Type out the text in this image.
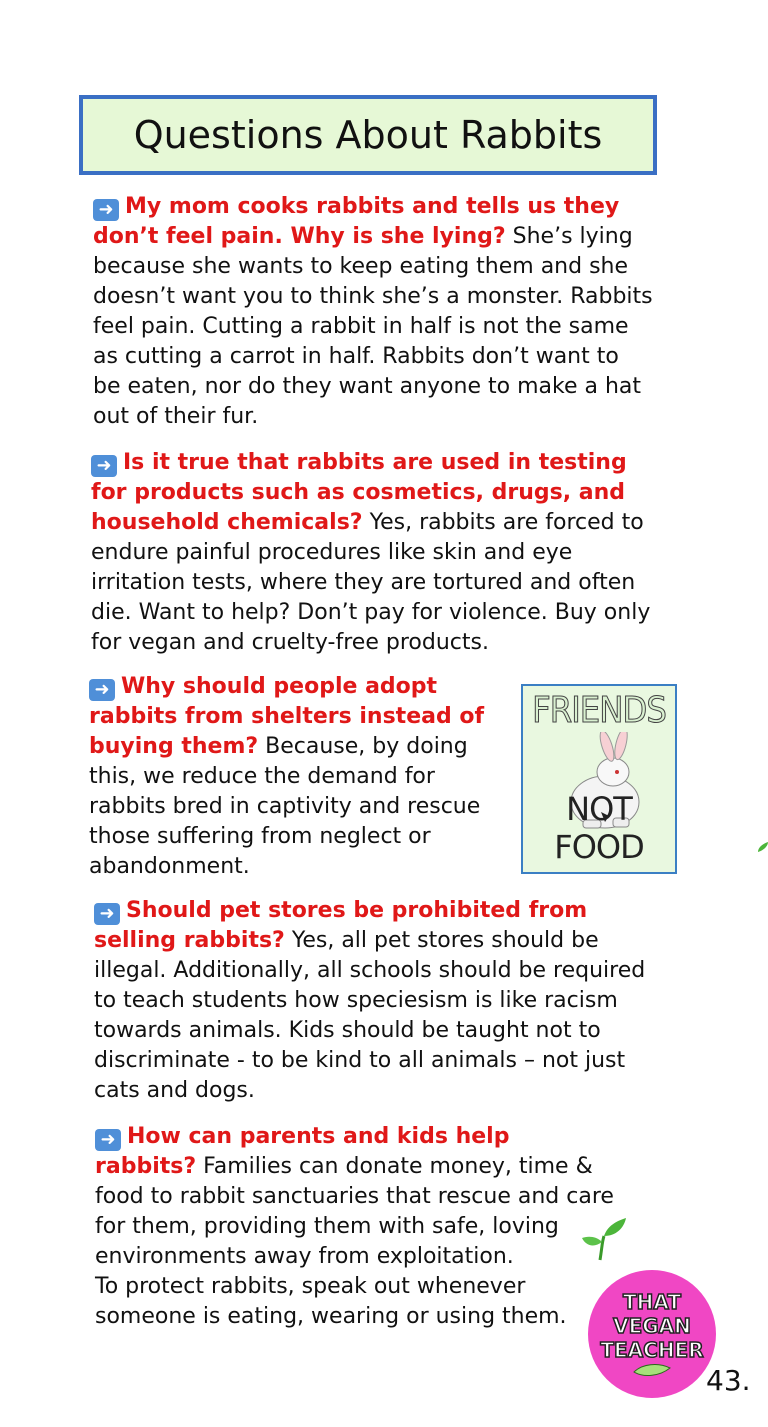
Questions About Rabbits
➜ My mom cooks rabbits and tells us they don’t feel pain. Why is she lying? She’s lying because she wants to keep eating them and she doesn’t want you to think she’s a monster. Rabbits feel pain. Cutting a rabbit in half is not the same as cutting a carrot in half. Rabbits don’t want to be eaten, nor do they want anyone to make a hat out of their fur.
➜ Is it true that rabbits are used in testing for products such as cosmetics, drugs, and household chemicals? Yes, rabbits are forced to endure painful procedures like skin and eye irritation tests, where they are tortured and often die. Want to help? Don’t pay for violence. Buy only for vegan and cruelty-free products.
➜ Why should people adopt rabbits from shelters instead of buying them? Because, by doing this, we reduce the demand for rabbits bred in captivity and rescue those suffering from neglect or abandonment.
FRIENDS
NOT FOOD
➜ Should pet stores be prohibited from selling rabbits? Yes, all pet stores should be illegal. Additionally, all schools should be required to teach students how speciesism is like racism towards animals. Kids should be taught not to discriminate - to be kind to all animals – not just cats and dogs.
➜ How can parents and kids help rabbits? Families can donate money, time & food to rabbit sanctuaries that rescue and care for them, providing them with safe, loving environments away from exploitation.
To protect rabbits, speak out whenever someone is eating, wearing or using them.
THAT
VEGAN
TEACHER
43.
